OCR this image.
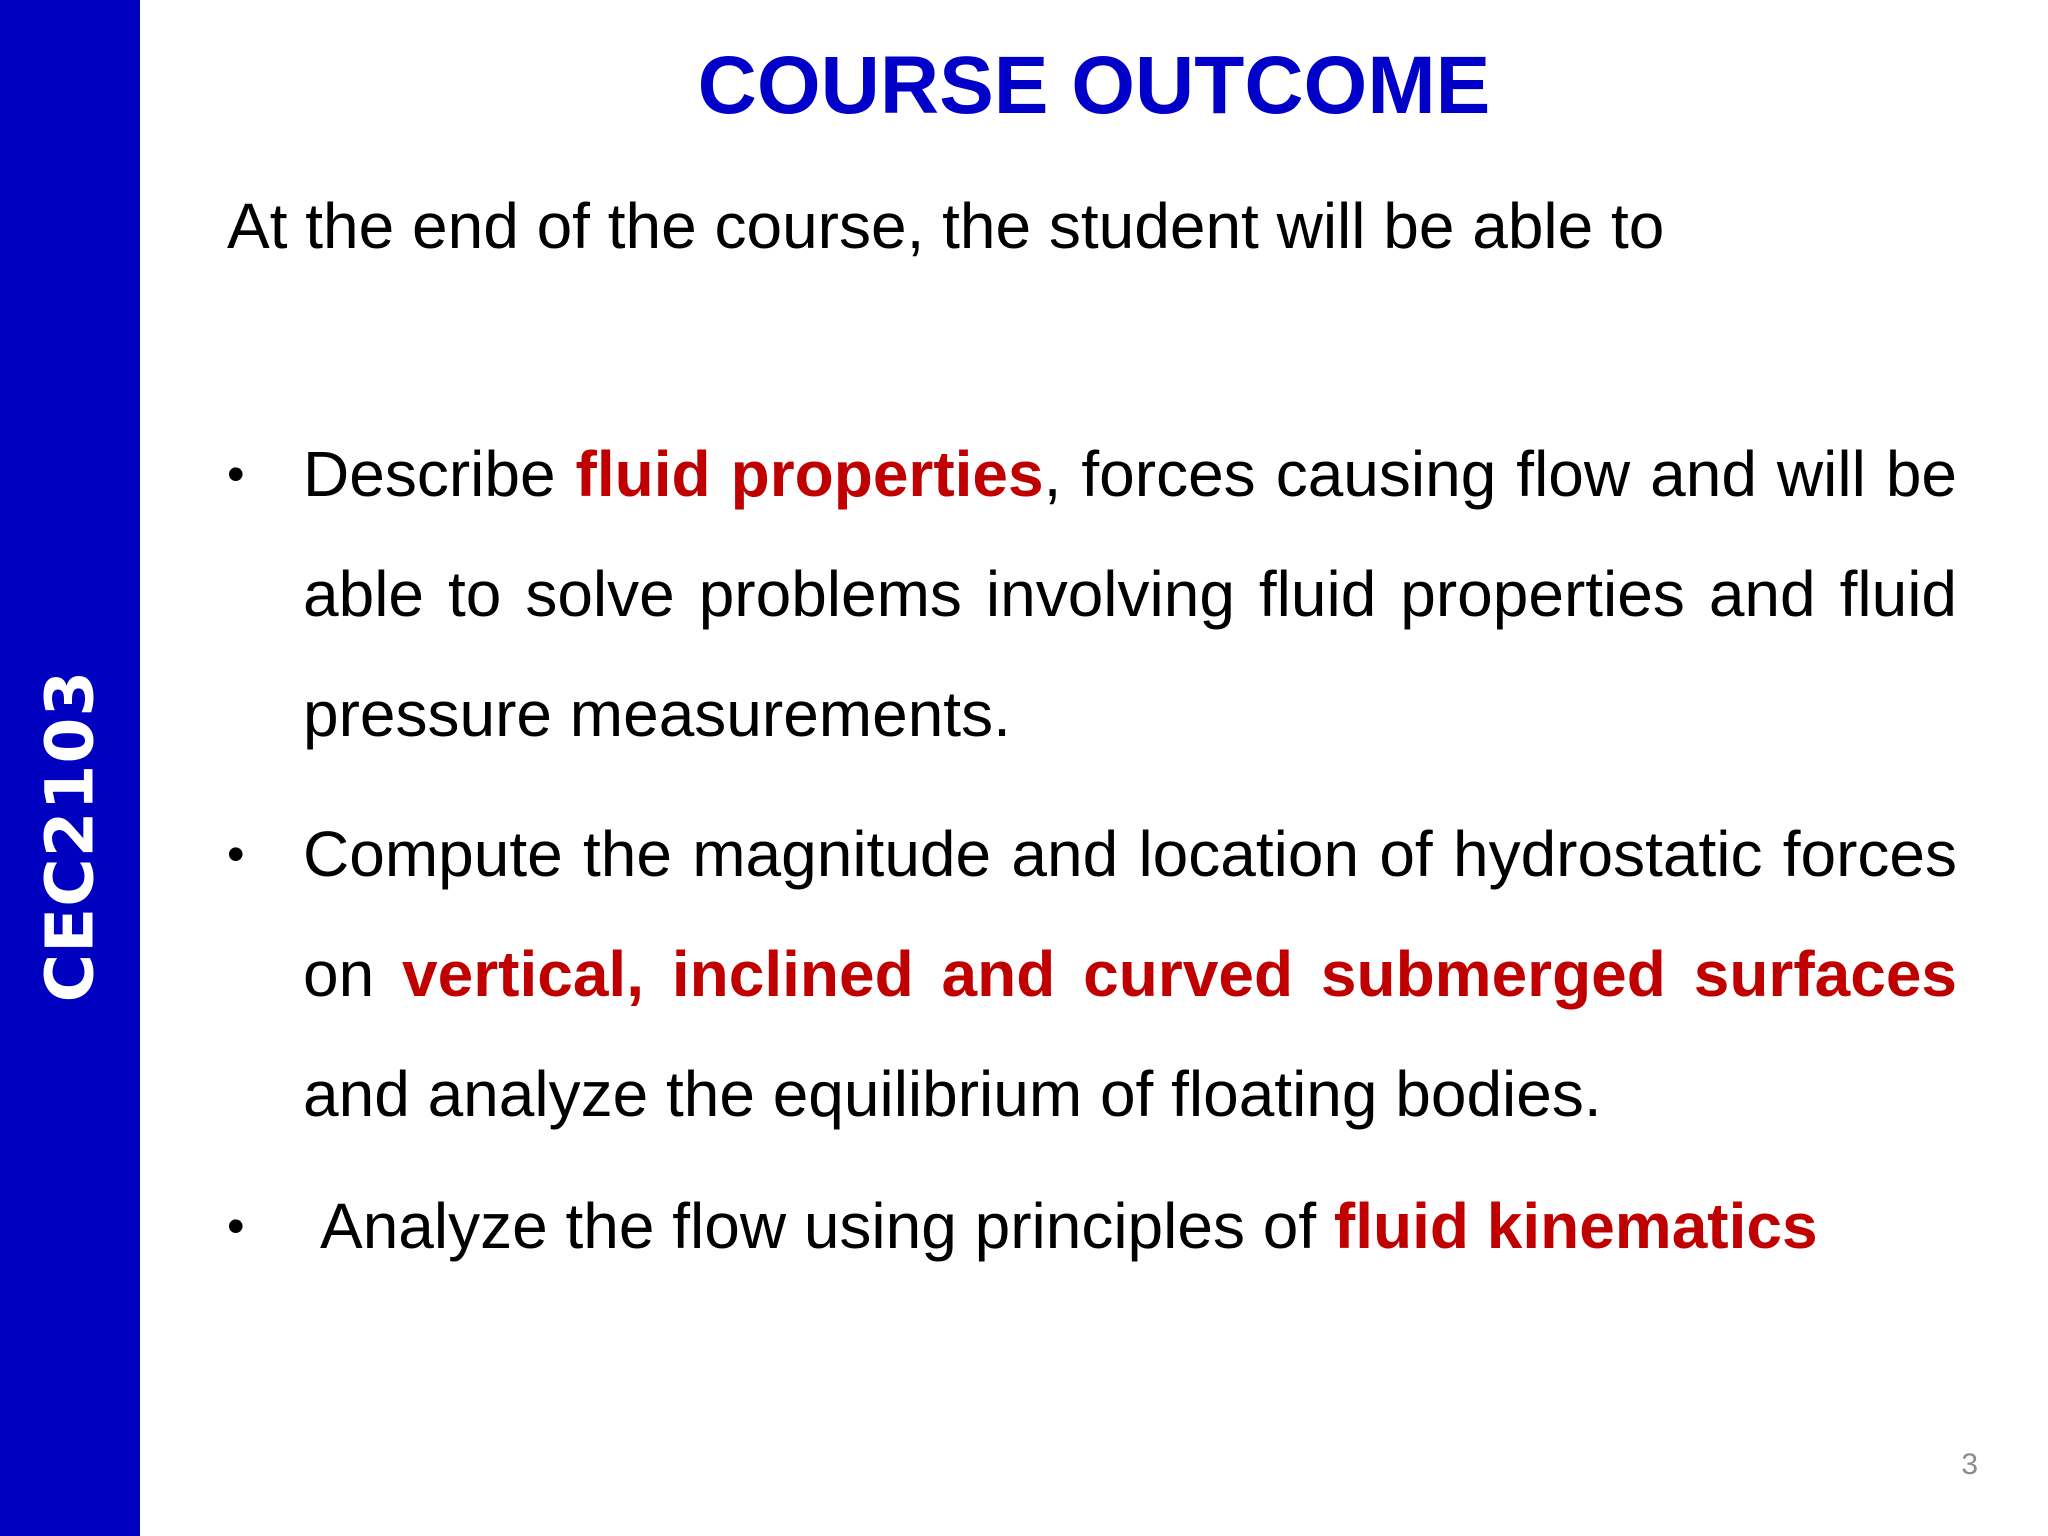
CEC2103
COURSE OUTCOME

At the end of the course, the student will be able to

• Describe fluid properties, forces causing flow and will be able to solve problems involving fluid properties and fluid pressure measurements.
• Compute the magnitude and location of hydrostatic forces on vertical, inclined and curved submerged surfaces and analyze the equilibrium of floating bodies.
• Analyze the flow using principles of fluid kinematics
3
